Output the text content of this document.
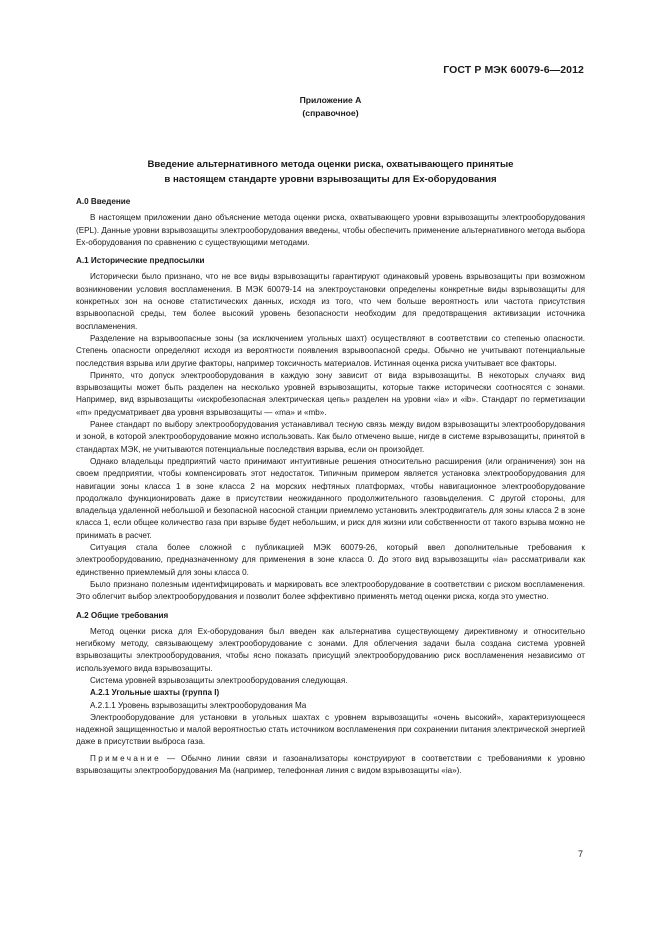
ГОСТ Р МЭК 60079-6—2012
Приложение А
(справочное)
Введение альтернативного метода оценки риска, охватывающего принятые
в настоящем стандарте уровни взрывозащиты для Ex-оборудования

А.0 Введение

В настоящем приложении дано объяснение метода оценки риска, охватывающего уровни взрывозащиты электрооборудования (EPL). Данные уровни взрывозащиты электрооборудования введены, чтобы обеспечить применение альтернативного метода выбора Ex-оборудования по сравнению с существующими методами.

А.1 Исторические предпосылки

Исторически было признано, что не все виды взрывозащиты гарантируют одинаковый уровень взрывозащиты при возможном возникновении условия воспламенения. В МЭК 60079-14 на электроустановки определены конкретные виды взрывозащиты для конкретных зон на основе статистических данных, исходя из того, что чем больше вероятность или частота присутствия взрывоопасной среды, тем более высокий уровень безопасности необходим для предотвращения активизации источника воспламенения.

Разделение на взрывоопасные зоны (за исключением угольных шахт) осуществляют в соответствии со степенью опасности. Степень опасности определяют исходя из вероятности появления взрывоопасной среды. Обычно не учитывают потенциальные последствия взрыва или другие факторы, например токсичность материалов. Истинная оценка риска учитывает все факторы.

Принято, что допуск электрооборудования в каждую зону зависит от вида взрывозащиты. В некоторых случаях вид взрывозащиты может быть разделен на несколько уровней взрывозащиты, которые также исторически соотносятся с зонами. Например, вид взрывозащиты «искробезопасная электрическая цепь» разделен на уровни «ia» и «ib». Стандарт по герметизации «m» предусматривает два уровня взрывозащиты — «ma» и «mb».

Ранее стандарт по выбору электрооборудования устанавливал тесную связь между видом взрывозащиты электрооборудования и зоной, в которой электрооборудование можно использовать. Как было отмечено выше, нигде в системе взрывозащиты, принятой в стандартах МЭК, не учитываются потенциальные последствия взрыва, если он произойдет.

Однако владельцы предприятий часто принимают интуитивные решения относительно расширения (или ограничения) зон на своем предприятии, чтобы компенсировать этот недостаток. Типичным примером является установка электрооборудования для навигации зоны класса 1 в зоне класса 2 на морских нефтяных платформах, чтобы навигационное электрооборудование продолжало функционировать даже в присутствии неожиданного продолжительного газовыделения. С другой стороны, для владельца удаленной небольшой и безопасной насосной станции приемлемо установить электродвигатель для зоны класса 2 в зоне класса 1, если общее количество газа при взрыве будет небольшим, и риск для жизни или собственности от такого взрыва можно не принимать в расчет.

Ситуация стала более сложной с публикацией МЭК 60079-26, который ввел дополнительные требования к электрооборудованию, предназначенному для применения в зоне класса 0. До этого вид взрывозащиты «ia» рассматривали как единственно приемлемый для зоны класса 0.

Было признано полезным идентифицировать и маркировать все электрооборудование в соответствии с риском воспламенения. Это облегчит выбор электрооборудования и позволит более эффективно применять метод оценки риска, когда это уместно.

А.2 Общие требования

Метод оценки риска для Ex-оборудования был введен как альтернатива существующему директивному и относительно негибкому методу, связывающему электрооборудование с зонами. Для облегчения задачи была создана система уровней взрывозащиты электрооборудования, чтобы ясно показать присущий электрооборудованию риск воспламенения независимо от используемого вида взрывозащиты.

Система уровней взрывозащиты электрооборудования следующая.

А.2.1 Угольные шахты (группа I)

А.2.1.1 Уровень взрывозащиты электрооборудования Ma

Электрооборудование для установки в угольных шахтах с уровнем взрывозащиты «очень высокий», характеризующееся надежной защищенностью и малой вероятностью стать источником воспламенения при сохранении питания электрической энергией даже в присутствии выброса газа.

Примечание — Обычно линии связи и газоанализаторы конструируют в соответствии с требованиями к уровню взрывозащиты электрооборудования Ma (например, телефонная линия с видом взрывозащиты «ia»).

7
